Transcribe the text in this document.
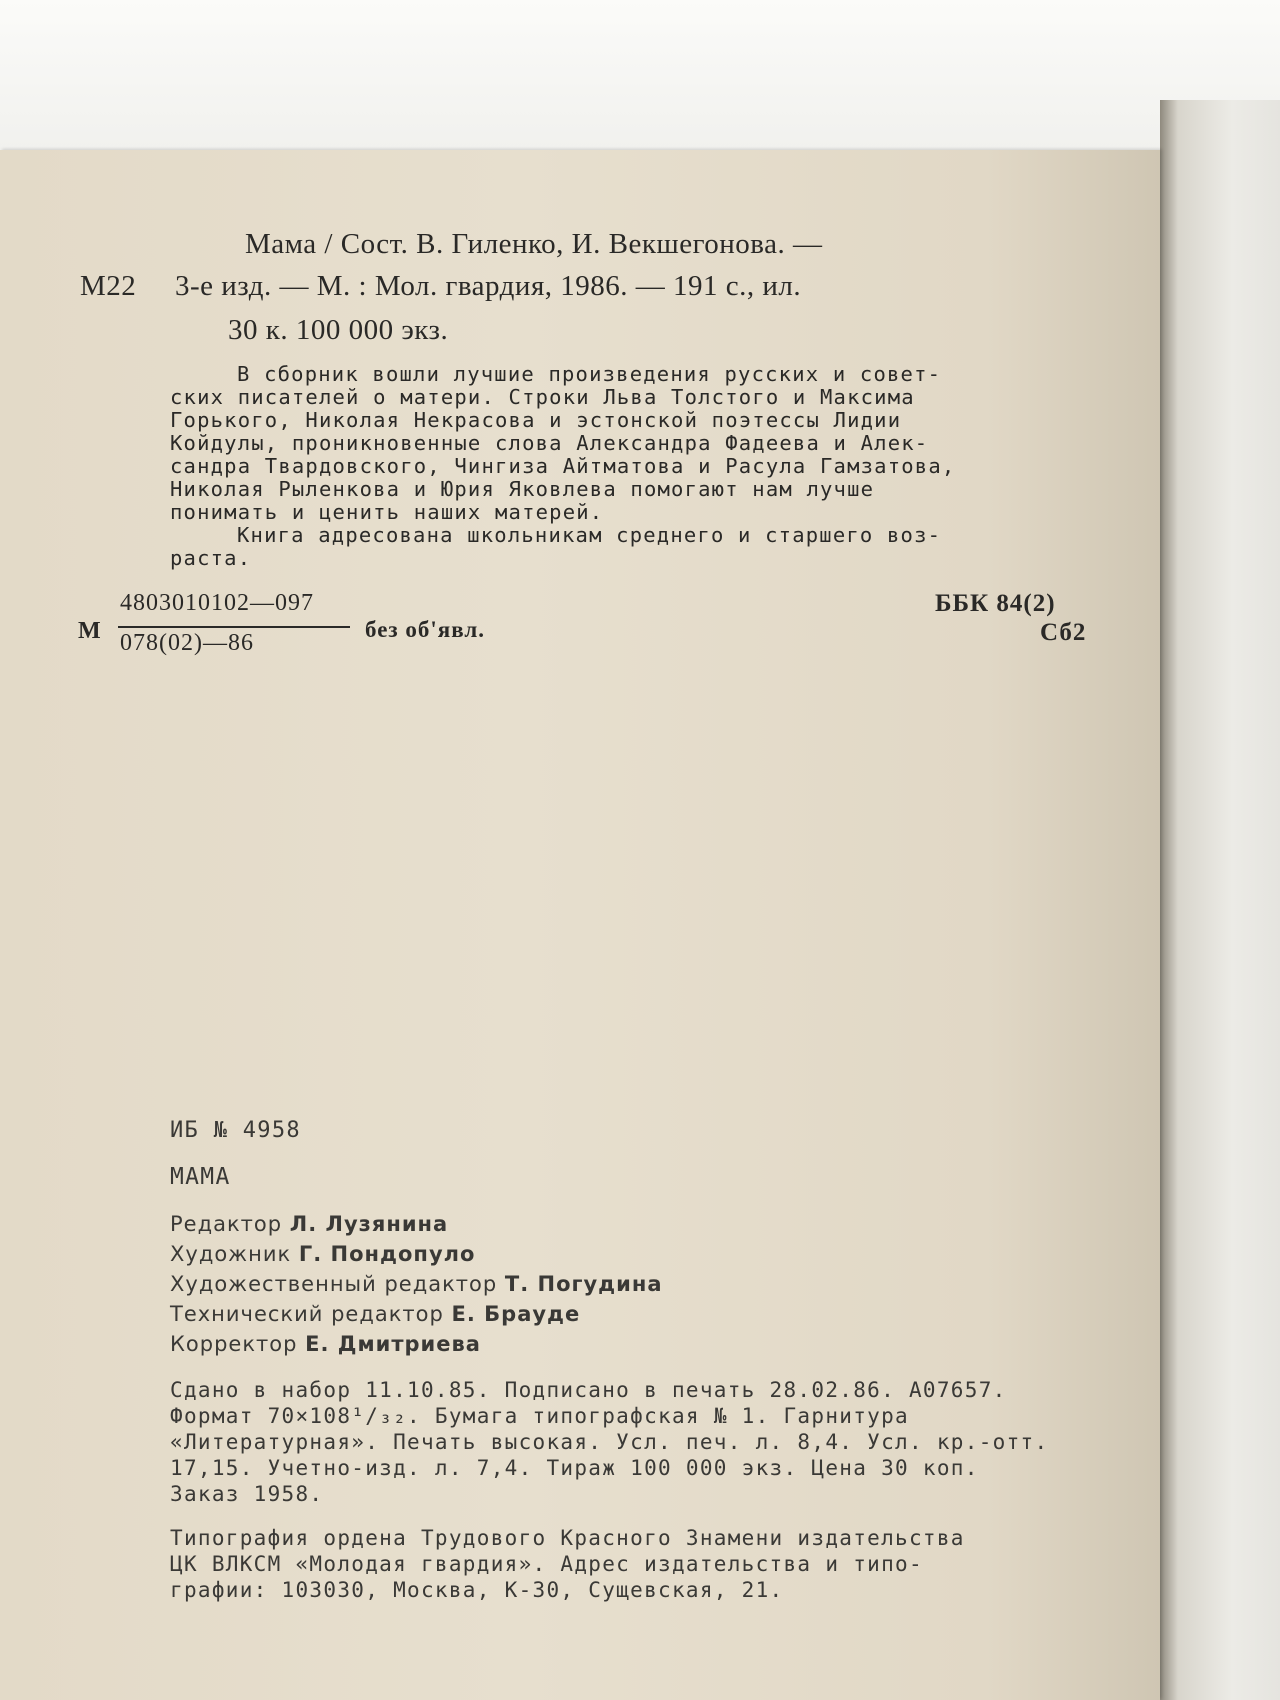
Мама / Сост. В. Гиленко, И. Векшегонова. —
М22 3-е изд. — М. : Мол. гвардия, 1986. — 191 с., ил.
30 к. 100 000 экз.
В сборник вошли лучшие произведения русских и совет-
ских писателей о матери. Строки Льва Толстого и Максима
Горького, Николая Некрасова и эстонской поэтессы Лидии
Койдулы, проникновенные слова Александра Фадеева и Алек-
сандра Твардовского, Чингиза Айтматова и Расула Гамзатова,
Николая Рыленкова и Юрия Яковлева помогают нам лучше
понимать и ценить наших матерей.
Книга адресована школьникам среднего и старшего воз-
раста.
М
4803010102—097
078(02)—86
без об'явл.
ББК 84(2)
Сб2
ИБ № 4958
МАМА
Редактор Л. Лузянина
Художник Г. Пондопуло
Художественный редактор Т. Погудина
Технический редактор Е. Брауде
Корректор Е. Дмитриева
Сдано в набор 11.10.85. Подписано в печать 28.02.86. А07657.
Формат 70×108¹/₃₂. Бумага типографская № 1. Гарнитура
«Литературная». Печать высокая. Усл. печ. л. 8,4. Усл. кр.-отт.
17,15. Учетно-изд. л. 7,4. Тираж 100 000 экз. Цена 30 коп.
Заказ 1958.
Типография ордена Трудового Красного Знамени издательства
ЦК ВЛКСМ «Молодая гвардия». Адрес издательства и типо-
графии: 103030, Москва, К-30, Сущевская, 21.
